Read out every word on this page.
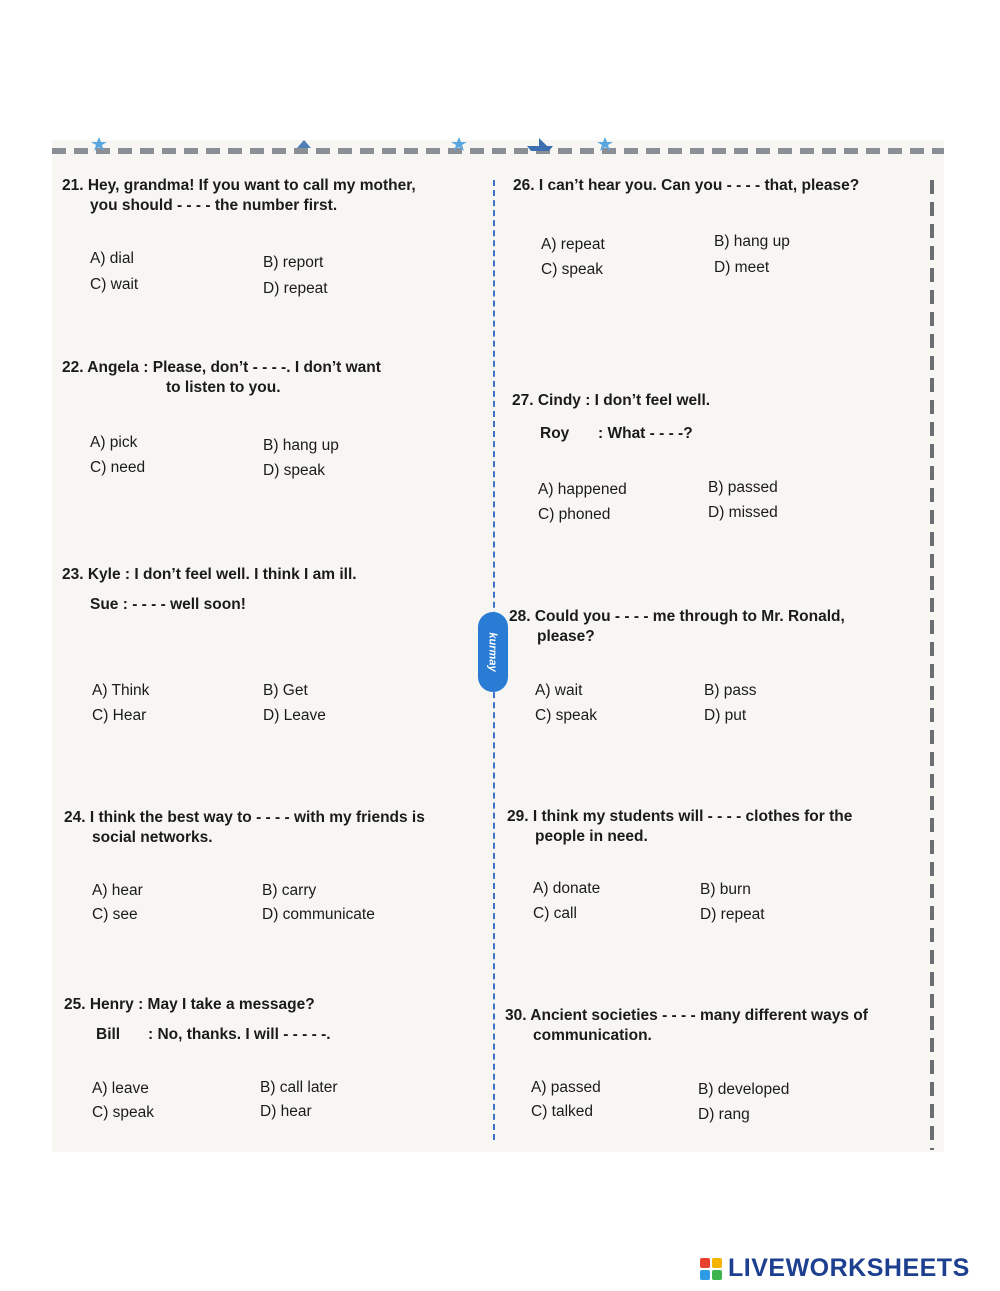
kurmay

21. Hey, grandma! If you want to call my mother,

you should - - - - the number first.

A) dial	B) report
C) wait	D) repeat

22. Angela : Please, don’t - - - -. I don’t want

to listen to you.

A) pick	B) hang up
C) need	D) speak

23. Kyle : I don’t feel well. I think I am ill.

Sue : - - - - well soon!

A) Think	B) Get
C) Hear	D) Leave

24. I think the best way to - - - - with my friends is

social networks.

A) hear	B) carry
C) see	D) communicate

25. Henry : May I take a message?

Bill : No, thanks. I will - - - - -.
A) leave	B) call later
C) speak	D) hear

26. I can’t hear you. Can you - - - - that, please?

A) repeat	B) hang up
C) speak	D) meet

27. Cindy : I don’t feel well.

Roy : What - - - -?
A) happened	B) passed
C) phoned	D) missed

28. Could you - - - - me through to Mr. Ronald,

please?

A) wait	B) pass
C) speak	D) put

29. I think my students will - - - - clothes for the

people in need.

A) donate	B) burn
C) call	D) repeat

30. Ancient societies - - - - many different ways of

communication.

A) passed	B) developed
C) talked	D) rang
LIVEWORKSHEETS
